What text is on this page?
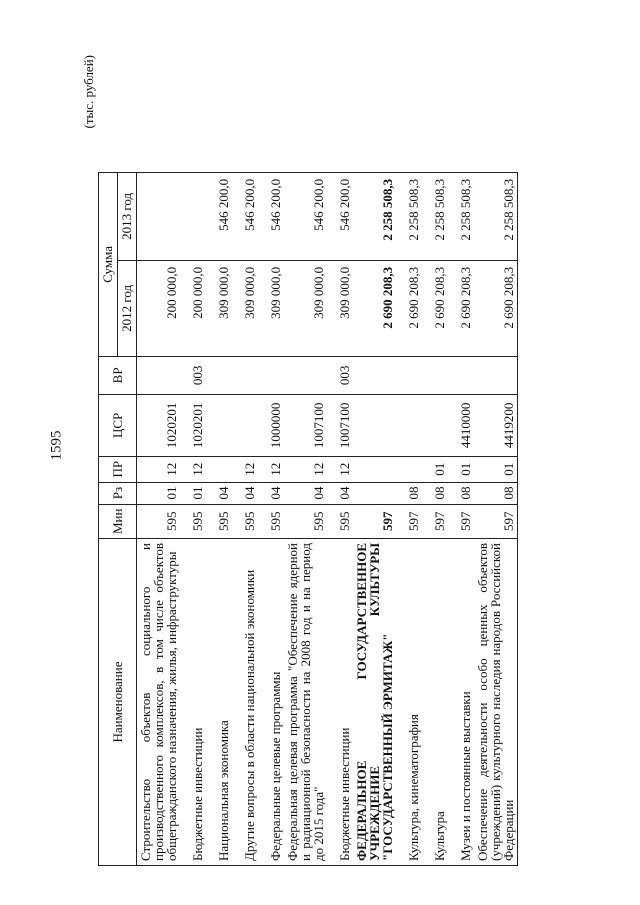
1595
(тыс. рублей)
Наименование	Мин	Рз	ПР	ЦСР	ВР	Сумма	
						2012 год	2013 год
Строительство объектов социального и производственного комплексов, в том числе объектов общегражданского назначения, жилья, инфраструктуры	595	01	12	1020201		200 000,0	
Бюджетные инвестиции	595	01	12	1020201	003	200 000,0	
Национальная экономика	595	04				309 000,0	546 200,0
Другие вопросы в области национальной экономики	595	04	12			309 000,0	546 200,0
Федеральные целевые программы	595	04	12	1000000		309 000,0	546 200,0
Федеральная целевая программа "Обеспечение ядерной и радиационной безопасности на 2008 год и на период до 2015 года"	595	04	12	1007100		309 000,0	546 200,0
Бюджетные инвестиции	595	04	12	1007100	003	309 000,0	546 200,0
ФЕДЕРАЛЬНОЕ ГОСУДАРСТВЕННОЕ УЧРЕЖДЕНИЕ КУЛЬТУРЫ "ГОСУДАРСТВЕННЫЙ ЭРМИТАЖ"	597					2 690 208,3	2 258 508,3
Культура, кинематография	597	08				2 690 208,3	2 258 508,3
Культура	597	08	01			2 690 208,3	2 258 508,3
Музеи и постоянные выставки	597	08	01	4410000		2 690 208,3	2 258 508,3
Обеспечение деятельности особо ценных объектов (учреждений) культурного наследия народов Российской Федерации	597	08	01	4419200		2 690 208,3	2 258 508,3
